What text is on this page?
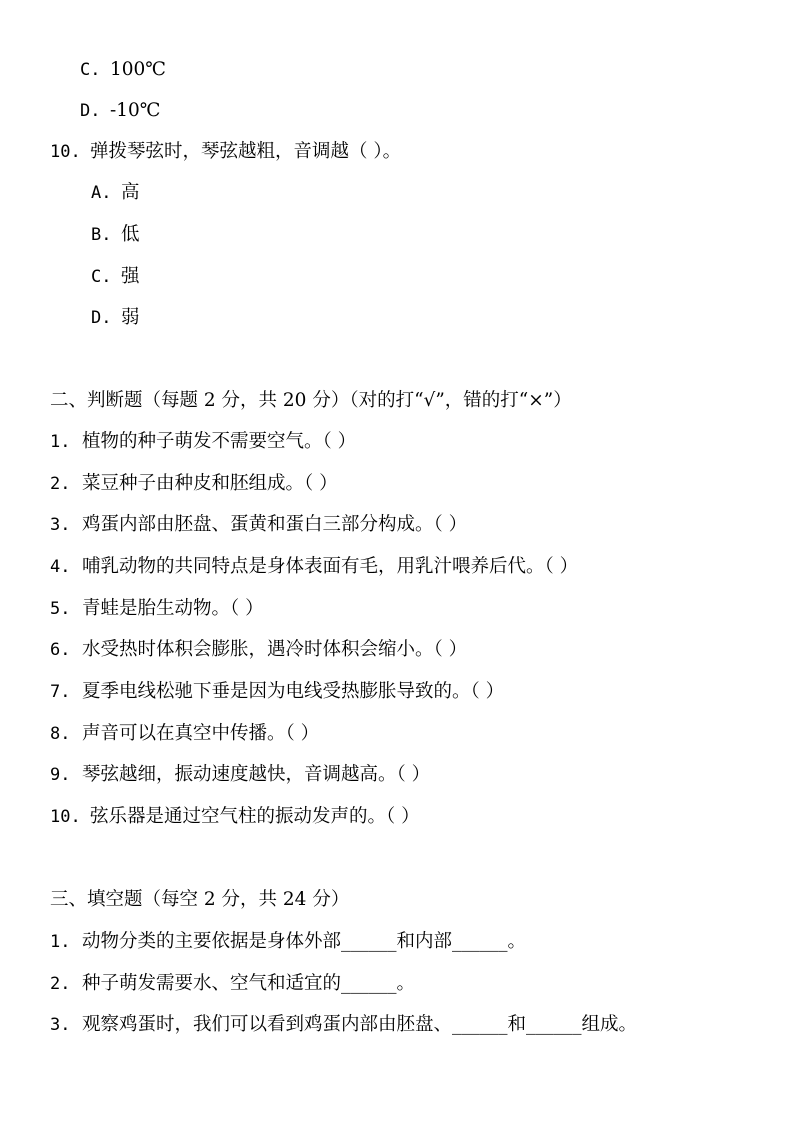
C. 100℃
D. -10℃
10. 弹拨琴弦时，琴弦越粗，音调越（ ）。
A. 高
B. 低
C. 强
D. 弱
二、判断题（每题 2 分，共 20 分）（对的打“√”，错的打“×”）
1. 植物的种子萌发不需要空气。（ ）
2. 菜豆种子由种皮和胚组成。（ ）
3. 鸡蛋内部由胚盘、蛋黄和蛋白三部分构成。（ ）
4. 哺乳动物的共同特点是身体表面有毛，用乳汁喂养后代。（ ）
5. 青蛙是胎生动物。（ ）
6. 水受热时体积会膨胀，遇冷时体积会缩小。（ ）
7. 夏季电线松驰下垂是因为电线受热膨胀导致的。（ ）
8. 声音可以在真空中传播。（ ）
9. 琴弦越细，振动速度越快，音调越高。（ ）
10. 弦乐器是通过空气柱的振动发声的。（ ）
三、填空题（每空 2 分，共 24 分）
1. 动物分类的主要依据是身体外部______和内部______。
2. 种子萌发需要水、空气和适宜的______。
3. 观察鸡蛋时，我们可以看到鸡蛋内部由胚盘、______和______组成。
